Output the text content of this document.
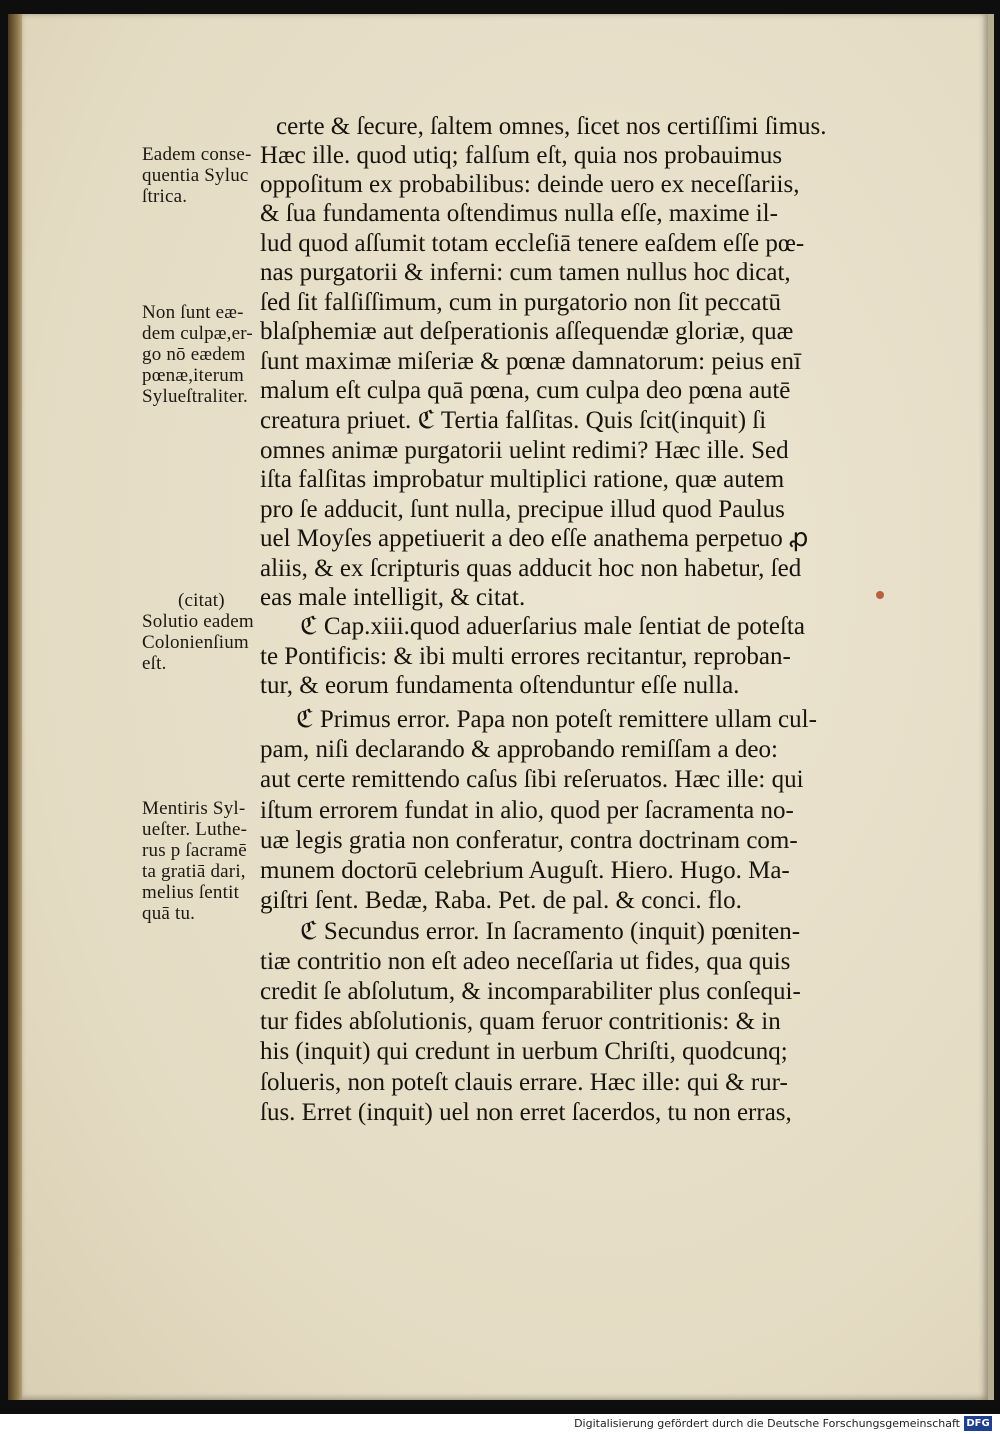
Eadem conse-
quentia Syluc
ſtrica.
Non ſunt eæ-
dem culpæ,er-
go nō eædem
pœnæ,iterum
Sylueſtraliter.
(citat)
Solutio eadem
Colonienſium
eſt.
Mentiris Syl-
ueſter. Luthe-
rus p ſacramē
ta gratiā dari,
melius ſentit
quā tu.
certe & ſecure, ſaltem omnes, ſicet nos certiſſimi ſimus.
Hæc ille. quod utiq; falſum eſt, quia nos probauimus
oppoſitum ex probabilibus: deinde uero ex neceſſariis,
& ſua fundamenta oſtendimus nulla eſſe, maxime il-
lud quod aſſumit totam eccleſiā tenere eaſdem eſſe pœ-
nas purgatorii & inferni: cum tamen nullus hoc dicat,
ſed ſit falſiſſimum, cum in purgatorio non ſit peccatū
blaſphemiæ aut deſperationis aſſequendæ gloriæ, quæ
ſunt maximæ miſeriæ & pœnæ damnatorum: peius enī
malum eſt culpa quā pœna, cum culpa deo pœna autē
creatura priuet. ℭ Tertia falſitas. Quis ſcit(inquit) ſi
omnes animæ purgatorii uelint redimi? Hæc ille. Sed
iſta falſitas improbatur multiplici ratione, quæ autem
pro ſe adducit, ſunt nulla, precipue illud quod Paulus
uel Moyſes appetiuerit a deo eſſe anathema perpetuo ꝓ
aliis, & ex ſcripturis quas adducit hoc non habetur, ſed
eas male intelligit, & citat.
ℭ Cap.xiii.quod aduerſarius male ſentiat de poteſta
te Pontificis: & ibi multi errores recitantur, reproban-
tur, & eorum fundamenta oſtenduntur eſſe nulla.
ℭ Primus error. Papa non poteſt remittere ullam cul-
pam, niſi declarando & approbando remiſſam a deo:
aut certe remittendo caſus ſibi reſeruatos. Hæc ille: qui
iſtum errorem fundat in alio, quod per ſacramenta no-
uæ legis gratia non conferatur, contra doctrinam com-
munem doctorū celebrium Auguſt. Hiero. Hugo. Ma-
giſtri ſent. Bedæ, Raba. Pet. de pal. & conci. flo.
ℭ Secundus error. In ſacramento (inquit) pœniten-
tiæ contritio non eſt adeo neceſſaria ut fides, qua quis
credit ſe abſolutum, & incomparabiliter plus conſequi-
tur fides abſolutionis, quam feruor contritionis: & in
his (inquit) qui credunt in uerbum Chriſti, quodcunq;
ſolueris, non poteſt clauis errare. Hæc ille: qui & rur-
ſus. Erret (inquit) uel non erret ſacerdos, tu non erras,
Digitalisierung gefördert durch die Deutsche Forschungsgemeinschaft DFG
